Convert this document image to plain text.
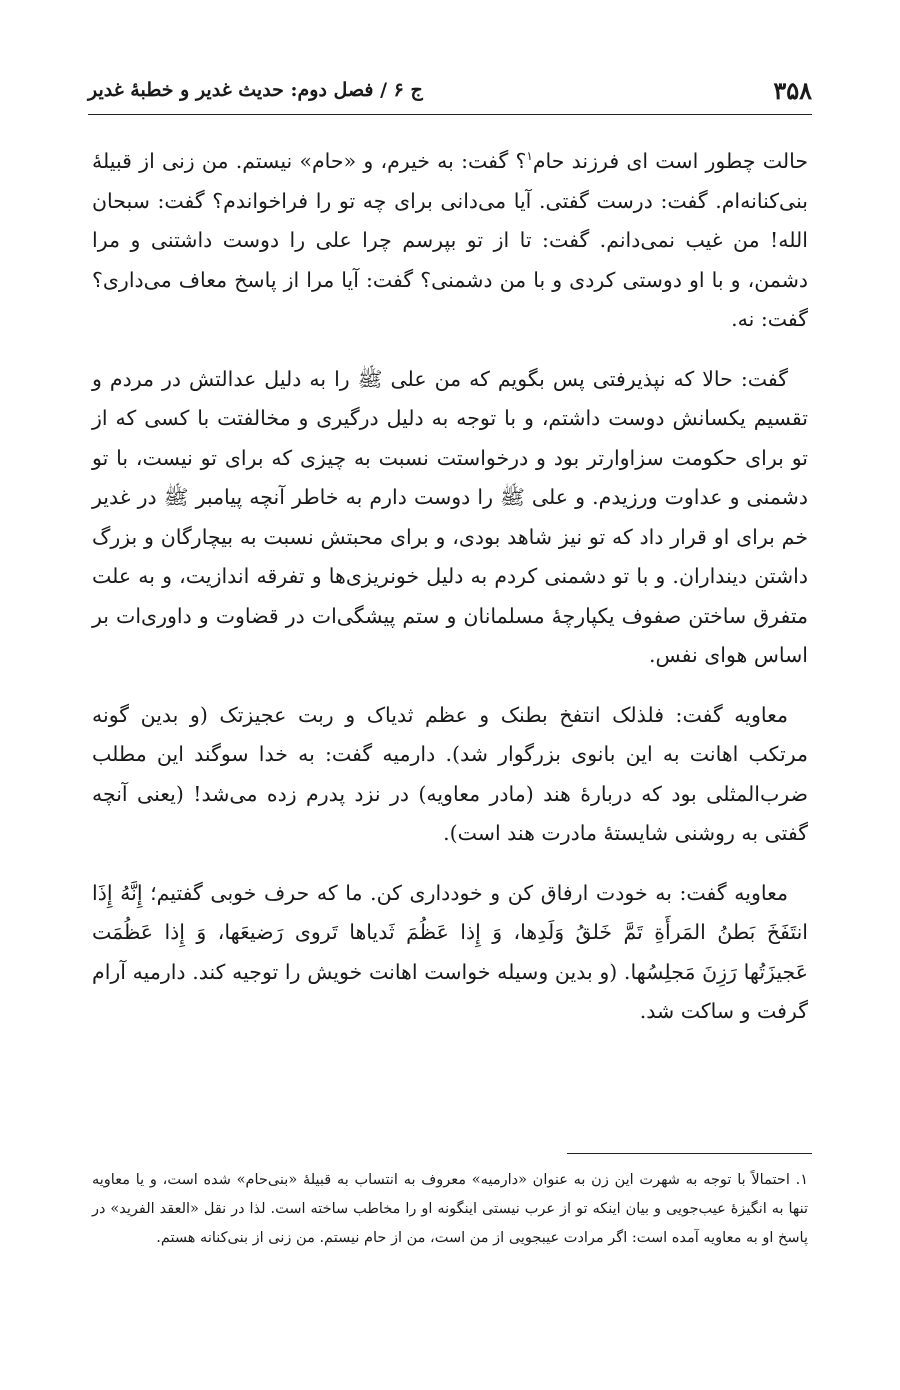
۳۵۸
ج ۶ / فصل دوم: حدیث غدیر و خطبهٔ غدیر

حالت چطور است ای فرزند حام$^۱$؟ گفت: به خیرم، و «حام» نیستم. من زنی از قبیلهٔ بنی‌کنانه‌ام. گفت: درست گفتی. آیا می‌دانی برای چه تو را فراخواندم؟ گفت: سبحان الله! من غیب نمی‌دانم. گفت: تا از تو بپرسم چرا علی را دوست داشتنی و مرا دشمن، و با او دوستی کردی و با من دشمنی؟ گفت: آیا مرا از پاسخ معاف می‌داری؟ گفت: نه.

گفت: حالا که نپذیرفتی پس بگویم که من علی ﷺ را به دلیل عدالتش در مردم و تقسیم یکسانش دوست داشتم، و با توجه به دلیل درگیری و مخالفتت با کسی که از تو برای حکومت سزاوارتر بود و درخواستت نسبت به چیزی که برای تو نیست، با تو دشمنی و عداوت ورزیدم. و علی ﷺ را دوست دارم به خاطر آنچه پیامبر ﷺ در غدیر خم برای او قرار داد که تو نیز شاهد بودی، و برای محبتش نسبت به بیچارگان و بزرگ داشتن دینداران. و با تو دشمنی کردم به دلیل خونریزی‌ها و تفرقه اندازیت، و به علت متفرق ساختن صفوف یکپارچهٔ مسلمانان و ستم پیشگی‌ات در قضاوت و داوری‌ات بر اساس هوای نفس.

معاویه گفت: فلذلک انتفخ بطنک و عظم ثدیاک و ربت عجیزتک (و بدین گونه مرتکب اهانت به این بانوی بزرگوار شد). دارمیه گفت: به خدا سوگند این مطلب ضرب‌المثلی بود که دربارهٔ هند (مادر معاویه) در نزد پدرم زده می‌شد! (یعنی آنچه گفتی به روشنی شایستهٔ مادرت هند است).

معاویه گفت: به خودت ارفاق کن و خودداری کن. ما که حرف خوبی گفتیم؛ إِنَّهُ إِذَا انتَفَخَ بَطنُ المَرأَةِ تَمَّ خَلقُ وَلَدِها، وَ إِذا عَظُمَ ثَدیاها تَروی رَضیعَها، وَ إِذا عَظُمَت عَجیزَتُها رَزِنَ مَجلِسُها. (و بدین وسیله خواست اهانت خویش را توجیه کند. دارمیه آرام گرفت و ساکت شد.

۱. احتمالاً با توجه به شهرت این زن به عنوان «دارمیه» معروف به انتساب به قبیلهٔ «بنی‌حام» شده است، و یا معاویه تنها به انگیزهٔ عیب‌جویی و بیان اینکه تو از عرب نیستی اینگونه او را مخاطب ساخته است. لذا در نقل «العقد الفرید» در پاسخ او به معاویه آمده است: اگر مرادت عیبجویی از من است، من از حام نیستم. من زنی از بنی‌کنانه هستم.
